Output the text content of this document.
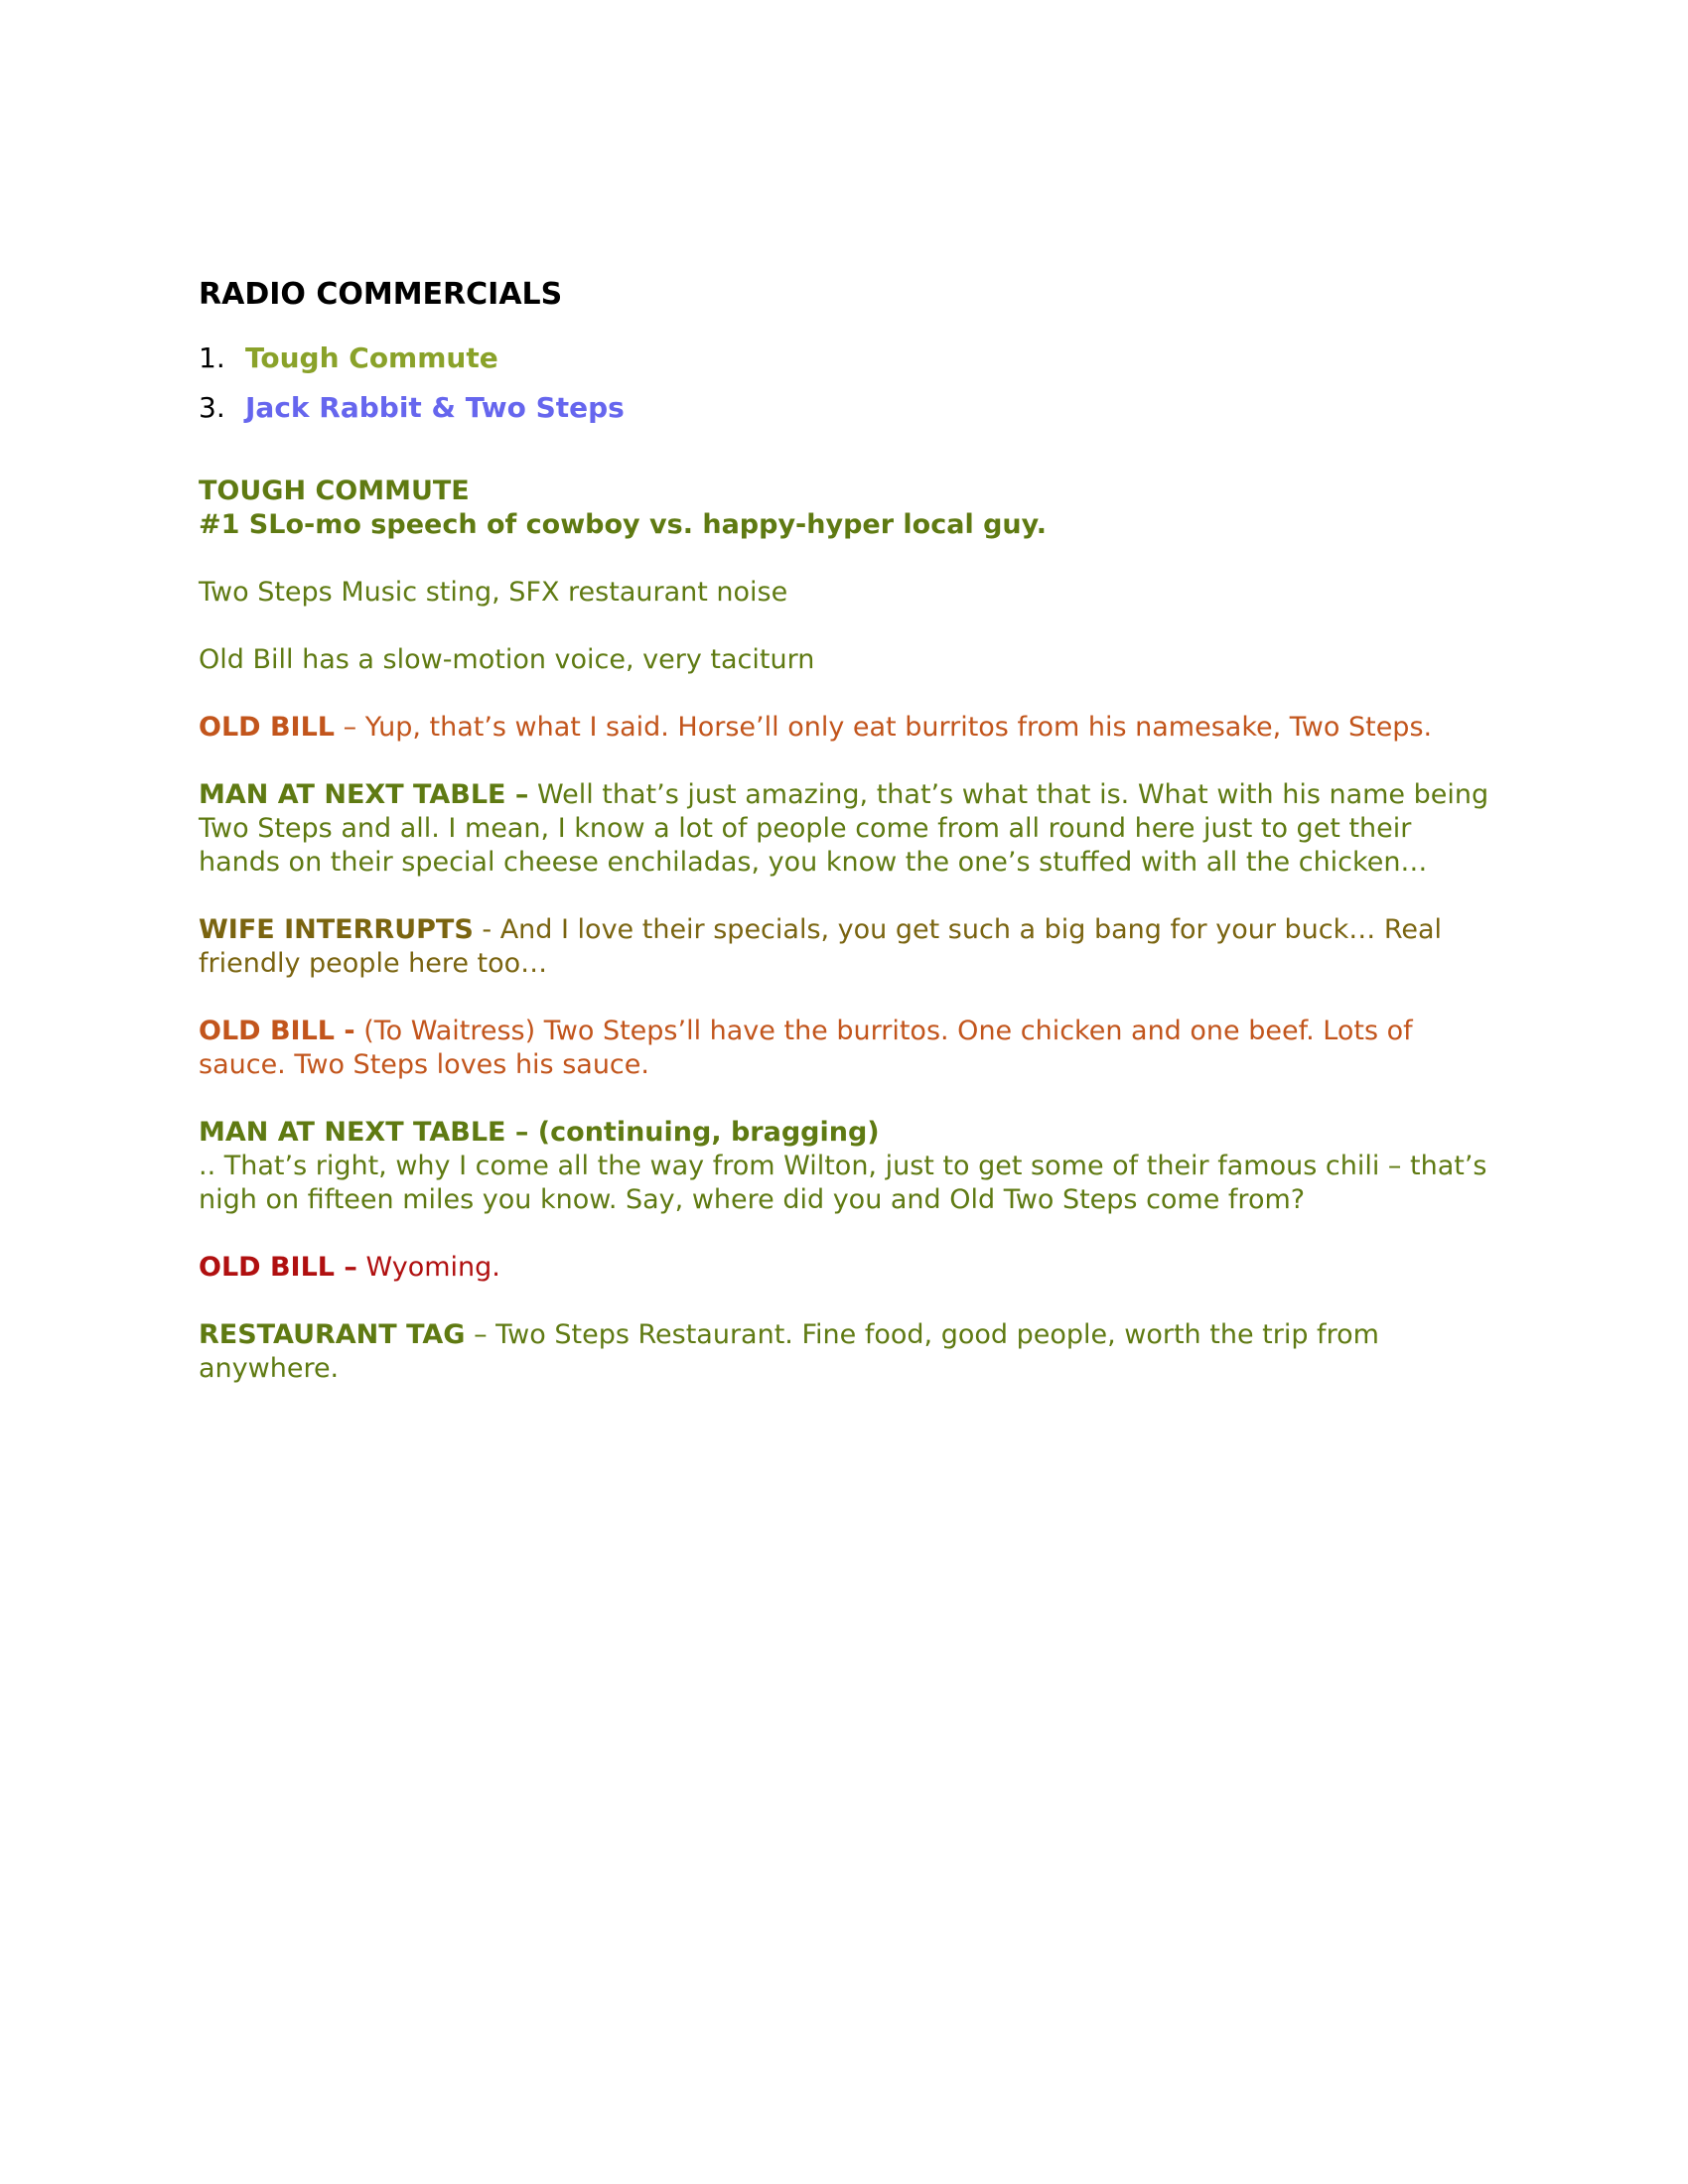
RADIO COMMERCIALS
1. Tough Commute
3. Jack Rabbit & Two Steps
TOUGH COMMUTE
#1 SLo-mo speech of cowboy vs. happy-hyper local guy.

Two Steps Music sting, SFX restaurant noise

Old Bill has a slow-motion voice, very taciturn

OLD BILL – Yup, that’s what I said. Horse’ll only eat burritos from his namesake, Two Steps.

MAN AT NEXT TABLE – Well that’s just amazing, that’s what that is. What with his name being Two Steps and all. I mean, I know a lot of people come from all round here just to get their hands on their special cheese enchiladas, you know the one’s stuffed with all the chicken…

WIFE INTERRUPTS - And I love their specials, you get such a big bang for your buck… Real friendly people here too…

OLD BILL - (To Waitress) Two Steps’ll have the burritos. One chicken and one beef. Lots of sauce. Two Steps loves his sauce.

MAN AT NEXT TABLE – (continuing, bragging)
.. That’s right, why I come all the way from Wilton, just to get some of their famous chili – that’s nigh on fifteen miles you know. Say, where did you and Old Two Steps come from?

OLD BILL – Wyoming.

RESTAURANT TAG – Two Steps Restaurant. Fine food, good people, worth the trip from anywhere.
